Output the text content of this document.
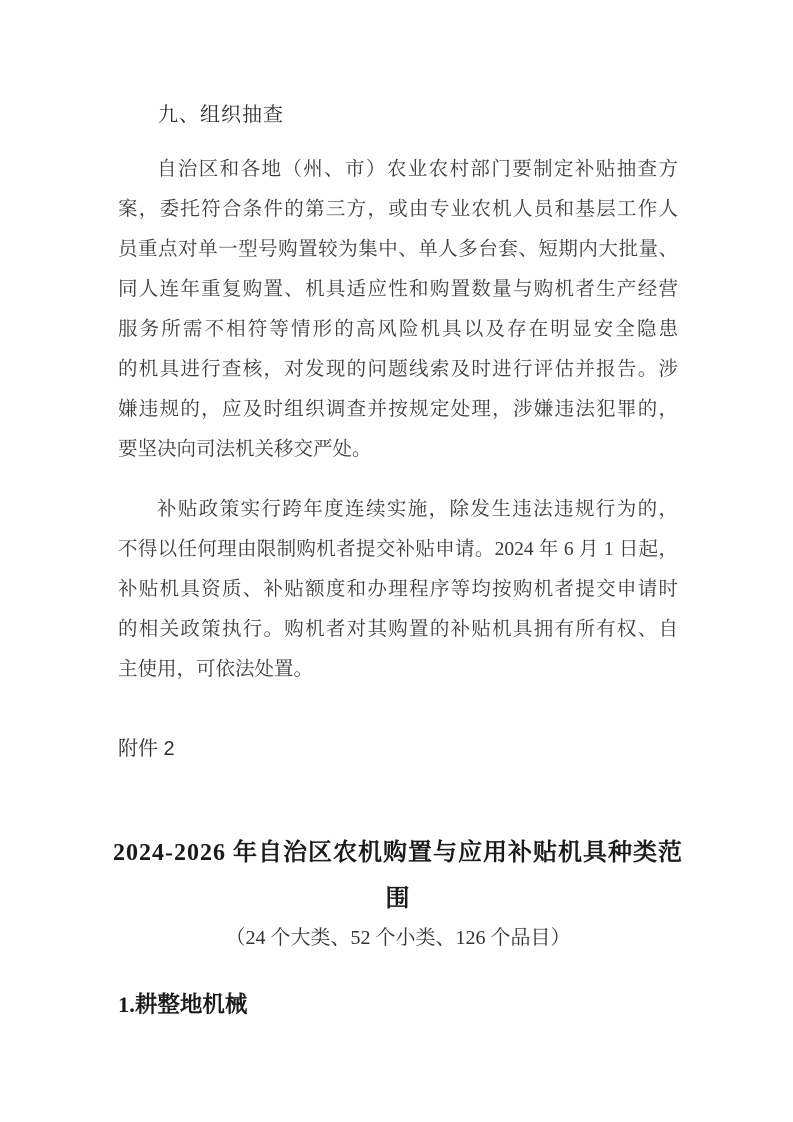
九、组织抽查
自治区和各地（州、市）农业农村部门要制定补贴抽查方
案，委托符合条件的第三方，或由专业农机人员和基层工作人
员重点对单一型号购置较为集中、单人多台套、短期内大批量、
同人连年重复购置、机具适应性和购置数量与购机者生产经营
服务所需不相符等情形的高风险机具以及存在明显安全隐患
的机具进行查核，对发现的问题线索及时进行评估并报告。涉
嫌违规的，应及时组织调查并按规定处理，涉嫌违法犯罪的，
要坚决向司法机关移交严处。
补贴政策实行跨年度连续实施，除发生违法违规行为的，
不得以任何理由限制购机者提交补贴申请。2024 年 6 月 1 日起，
补贴机具资质、补贴额度和办理程序等均按购机者提交申请时
的相关政策执行。购机者对其购置的补贴机具拥有所有权、自
主使用，可依法处置。
附件 2
2024-2026 年自治区农机购置与应用补贴机具种类范
围
（24 个大类、52 个小类、126 个品目）
1.耕整地机械
